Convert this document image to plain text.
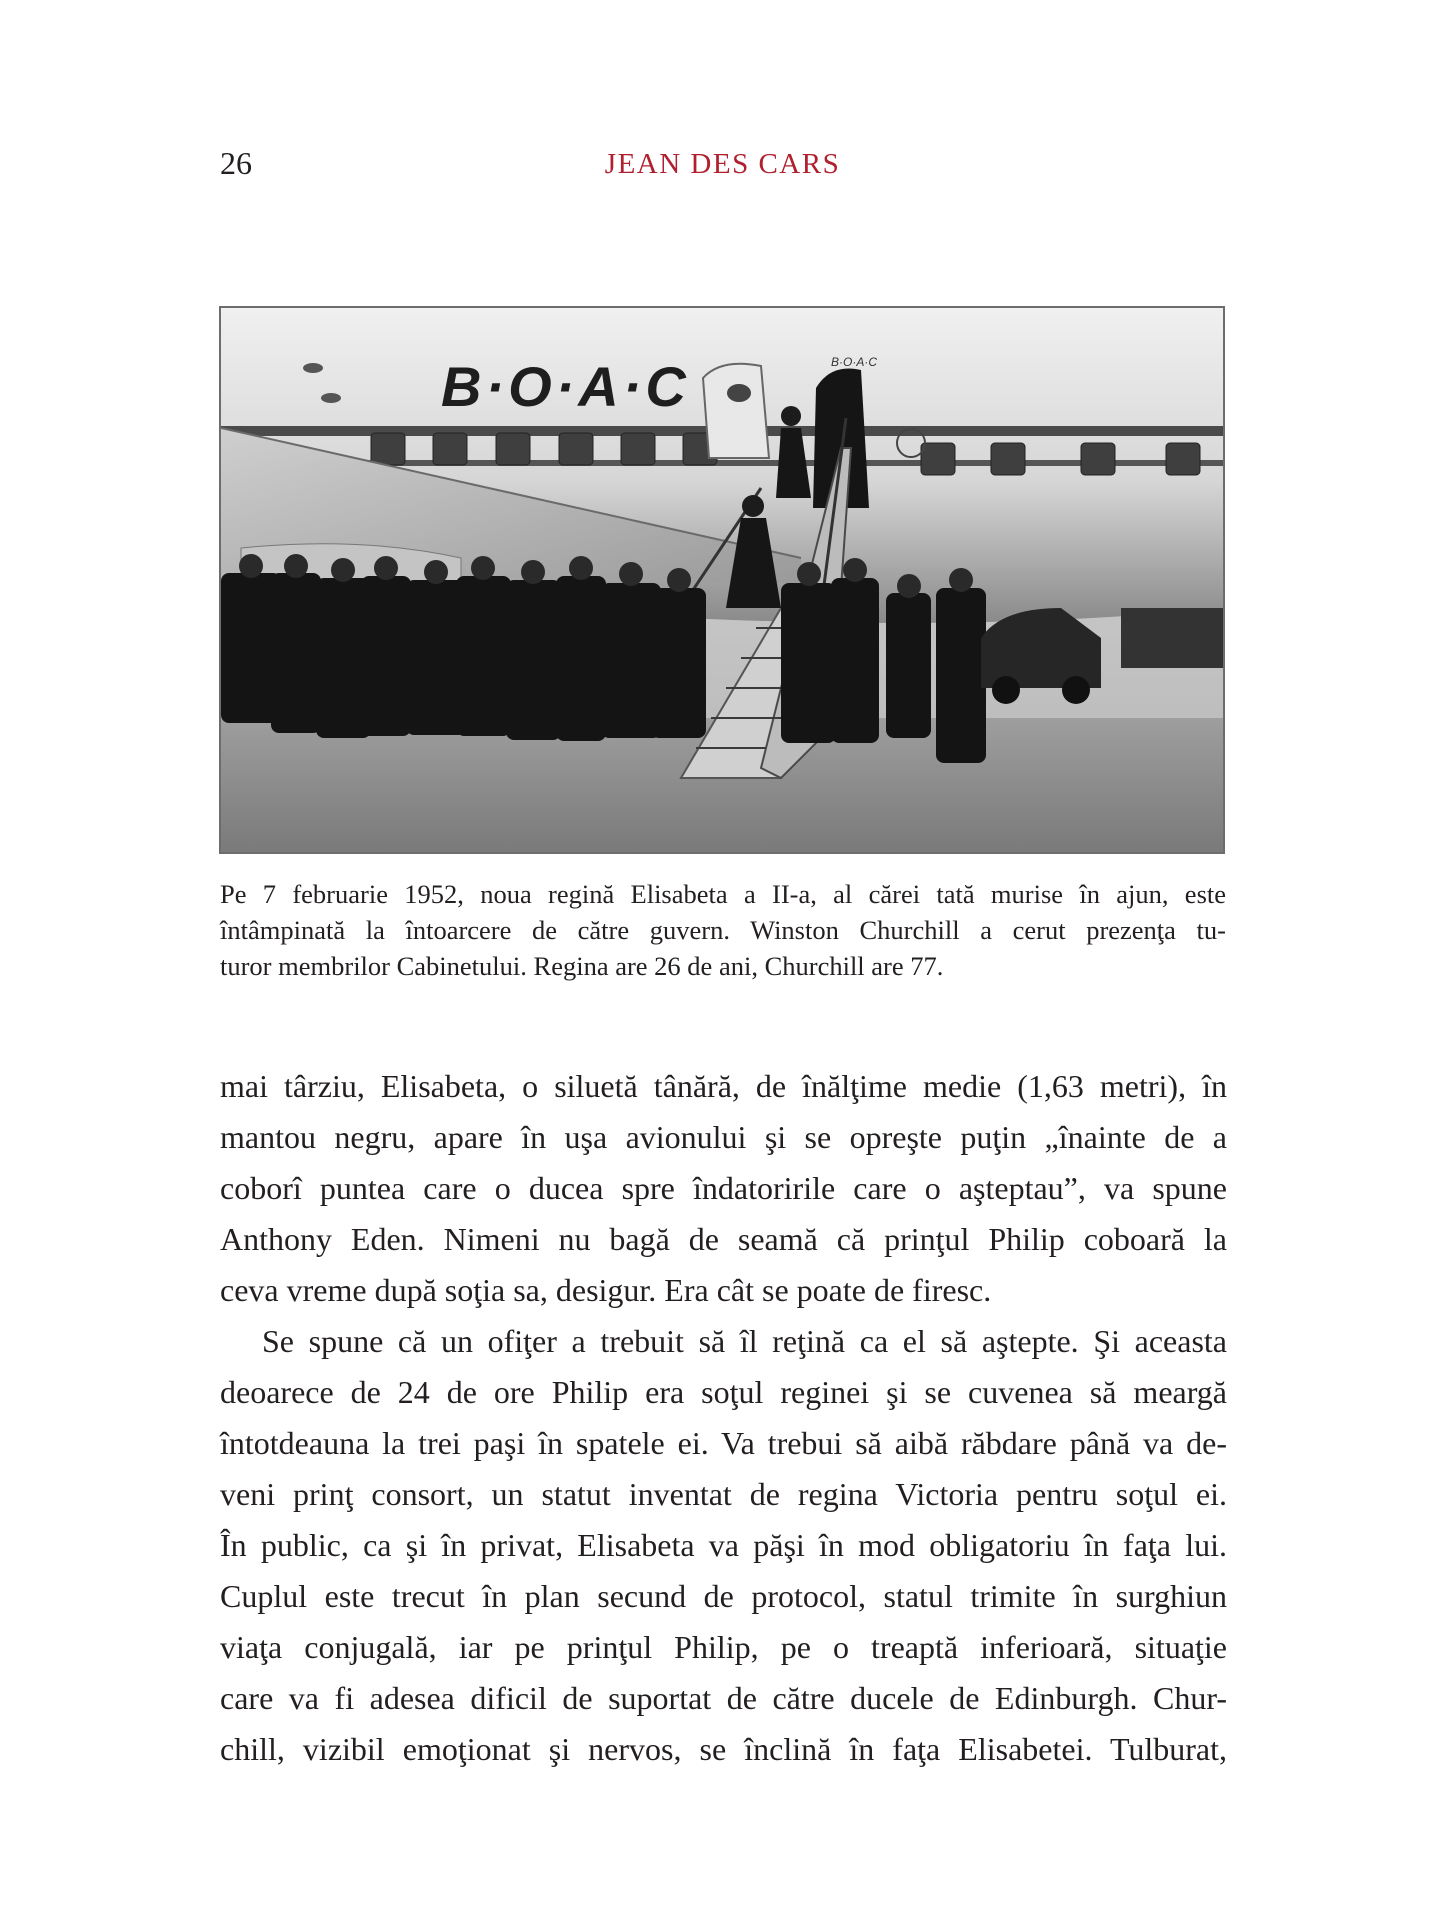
26	JEAN DES CARS
B·O·A·C	B·O·A·C
Pe 7 februarie 1952, noua regină Elisabeta a II-a, al cărei tată murise în ajun, este
întâmpinată la întoarcere de către guvern. Winston Churchill a cerut prezenţa tu-
turor membrilor Cabinetului. Regina are 26 de ani, Churchill are 77.
mai târziu, Elisabeta, o siluetă tânără, de înălţime medie (1,63 metri), în
mantou negru, apare în uşa avionului şi se opreşte puţin „înainte de a
coborî puntea care o ducea spre îndatoririle care o aşteptau”, va spune
Anthony Eden. Nimeni nu bagă de seamă că prinţul Philip coboară la
ceva vreme după soţia sa, desigur. Era cât se poate de firesc.
Se spune că un ofiţer a trebuit să îl reţină ca el să aştepte. Şi aceasta
deoarece de 24 de ore Philip era soţul reginei şi se cuvenea să meargă
întotdeauna la trei paşi în spatele ei. Va trebui să aibă răbdare până va de-
veni prinţ consort, un statut inventat de regina Victoria pentru soţul ei.
În public, ca şi în privat, Elisabeta va păşi în mod obligatoriu în faţa lui.
Cuplul este trecut în plan secund de protocol, statul trimite în surghiun
viaţa conjugală, iar pe prinţul Philip, pe o treaptă inferioară, situaţie
care va fi adesea dificil de suportat de către ducele de Edinburgh. Chur-
chill, vizibil emoţionat şi nervos, se înclină în faţa Elisabetei. Tulburat,
